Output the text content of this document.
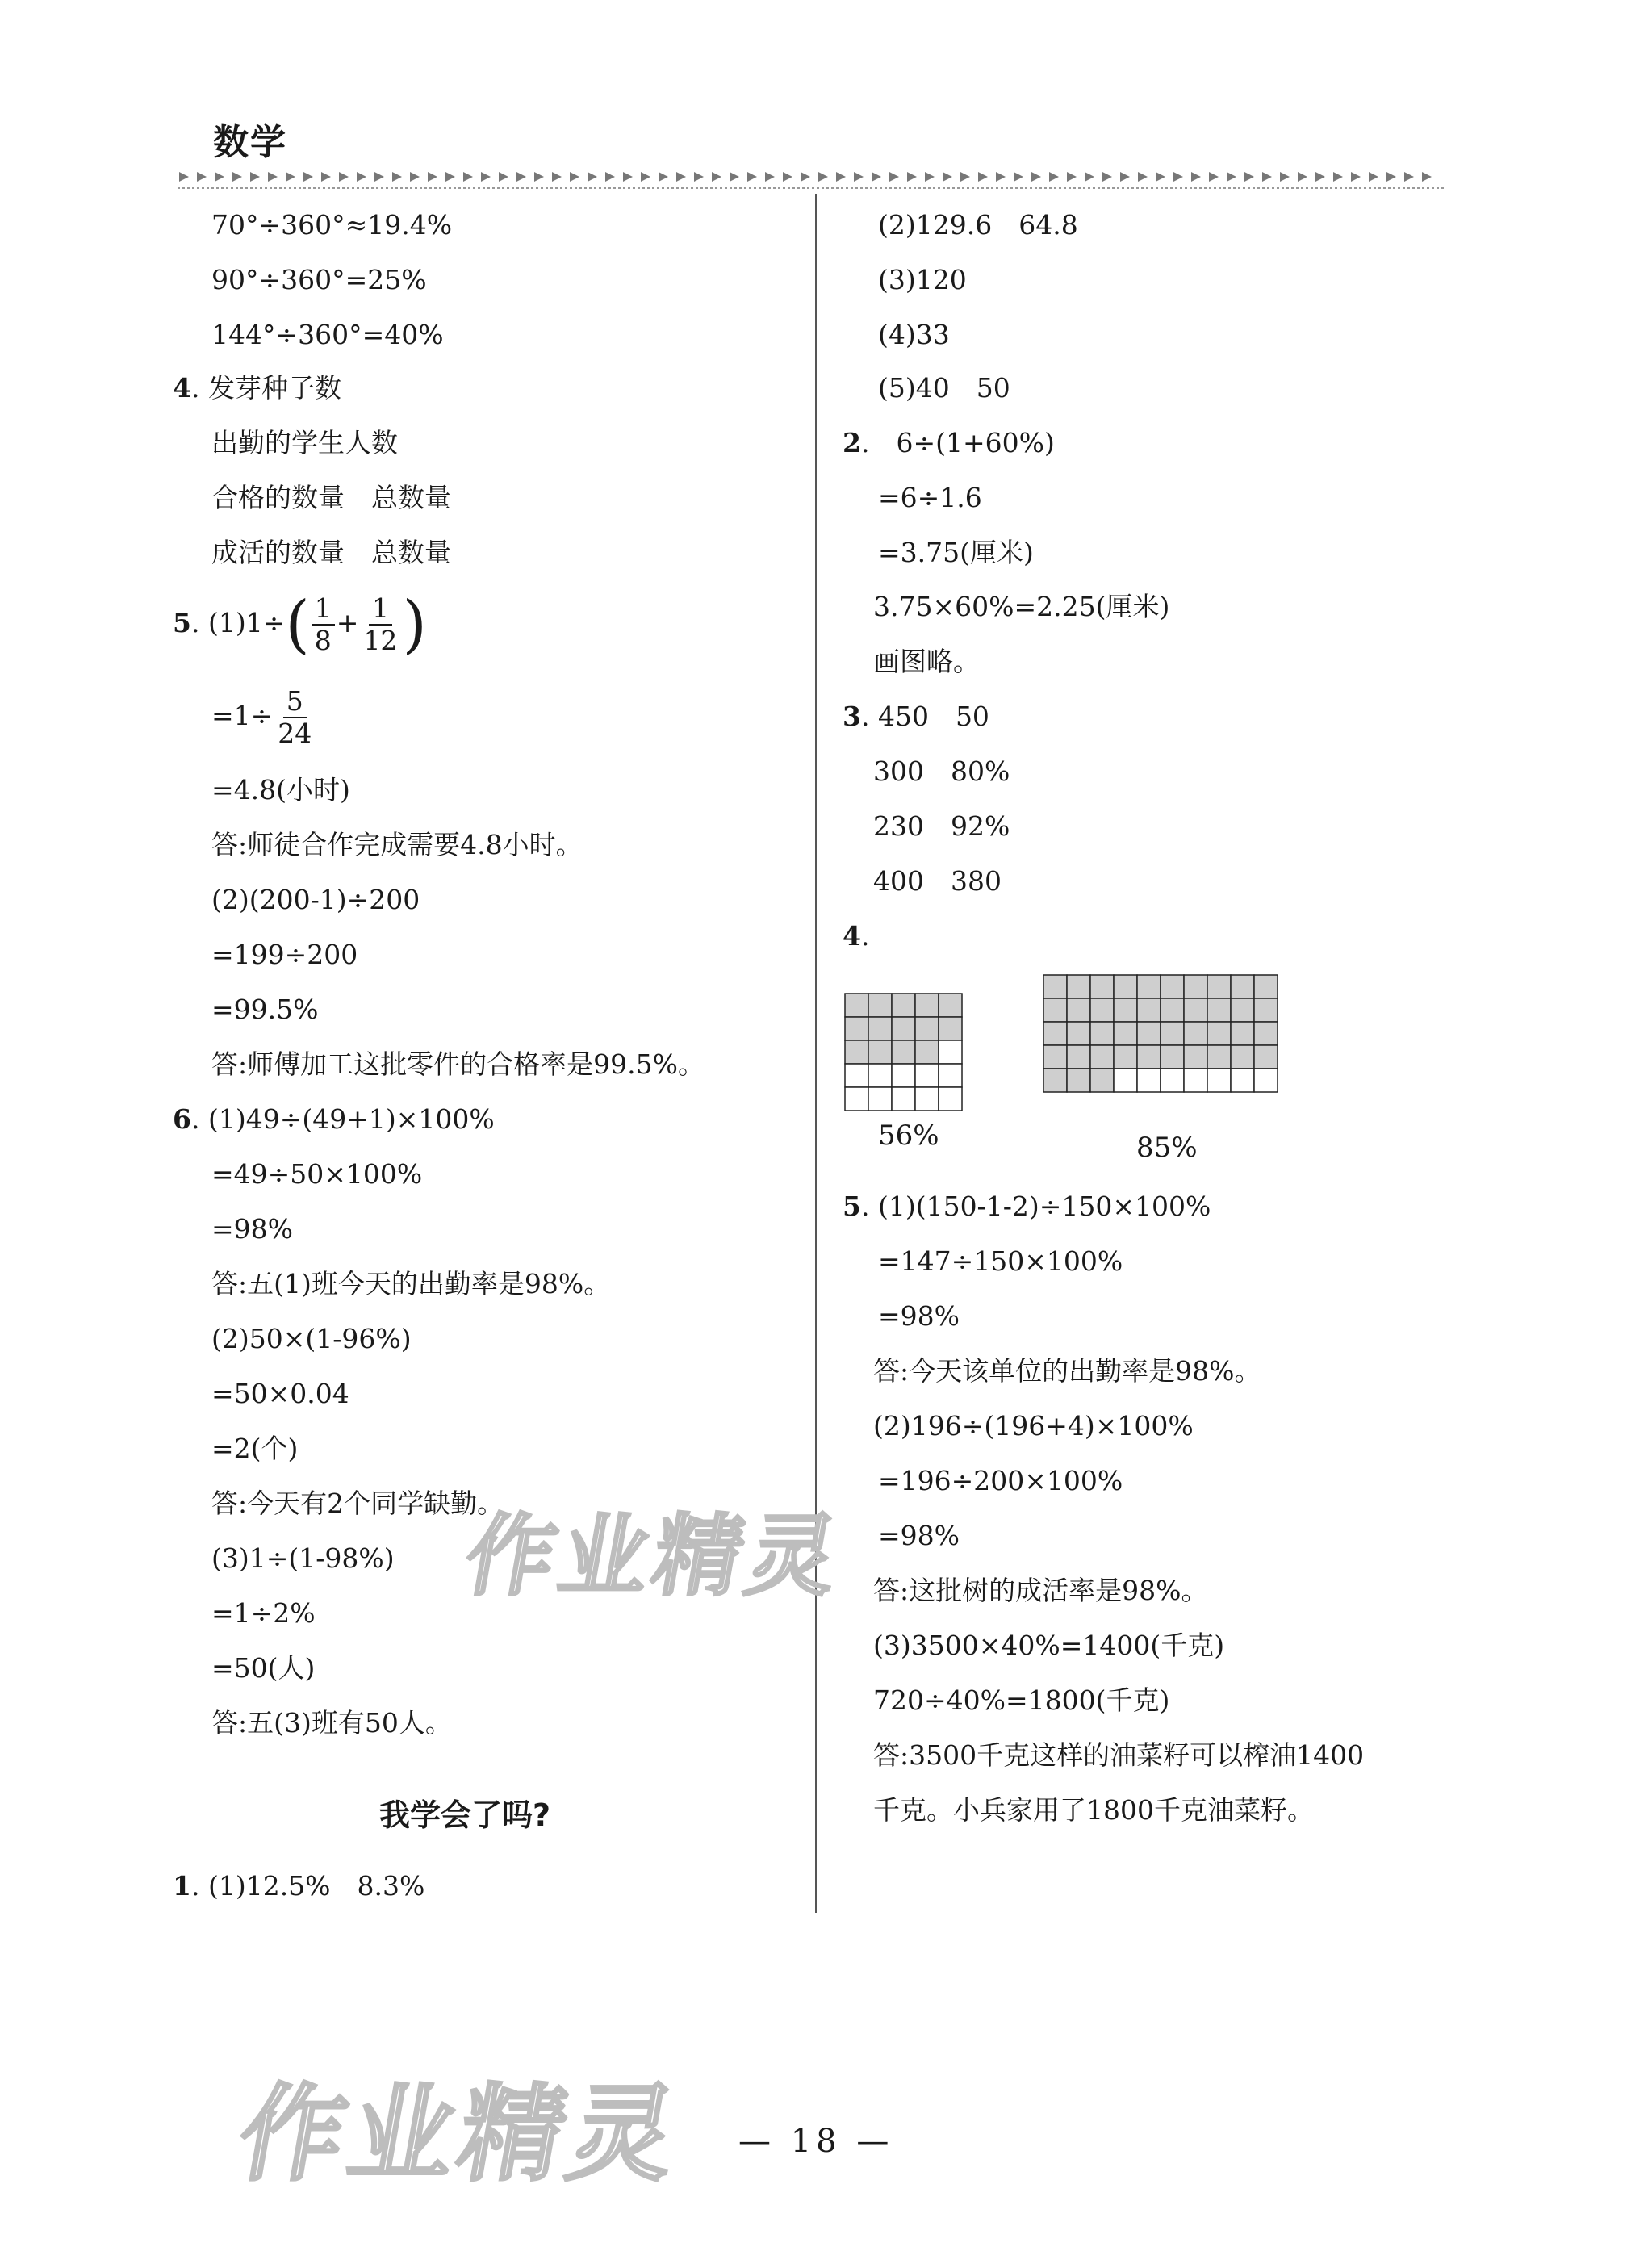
数学
70°÷360°≈19.4%
90°÷360°=25%
144°÷360°=40%
4. 发芽种子数
出勤的学生人数
合格的数量　总数量
成活的数量　总数量
5. $(1)1\div( \frac{1}{8} + \frac{1}{12}$ )
$=1\div \frac{5}{24}$
=4.8(小时)
答:师徒合作完成需要4.8小时。
(2)(200-1)÷200
=199÷200
=99.5%
答:师傅加工这批零件的合格率是99.5%。
6. (1)49÷(49+1)×100%
=49÷50×100%
=98%
答:五(1)班今天的出勤率是98%。
(2)50×(1-96%)
=50×0.04
=2(个)
答:今天有2个同学缺勤。
(3)1÷(1-98%)
=1÷2%
=50(人)
答:五(3)班有50人。
我学会了吗?
1. (1)12.5%　8.3%
(2)129.6　64.8
(3)120
(4)33
(5)40　50
2.　6÷(1+60%)
=6÷1.6
=3.75(厘米)
3.75×60%=2.25(厘米)
画图略。
3. 450　50
300　80%
230　92%
400　380
4.
56%	85%
5. (1)(150-1-2)÷150×100%
=147÷150×100%
=98%
答:今天该单位的出勤率是98%。
(2)196÷(196+4)×100%
=196÷200×100%
=98%
答:这批树的成活率是98%。
(3)3500×40%=1400(千克)
720÷40%=1800(千克)
答:3500千克这样的油菜籽可以榨油1400
千克。小兵家用了1800千克油菜籽。
作业精灵
作业精灵 — 18 —
